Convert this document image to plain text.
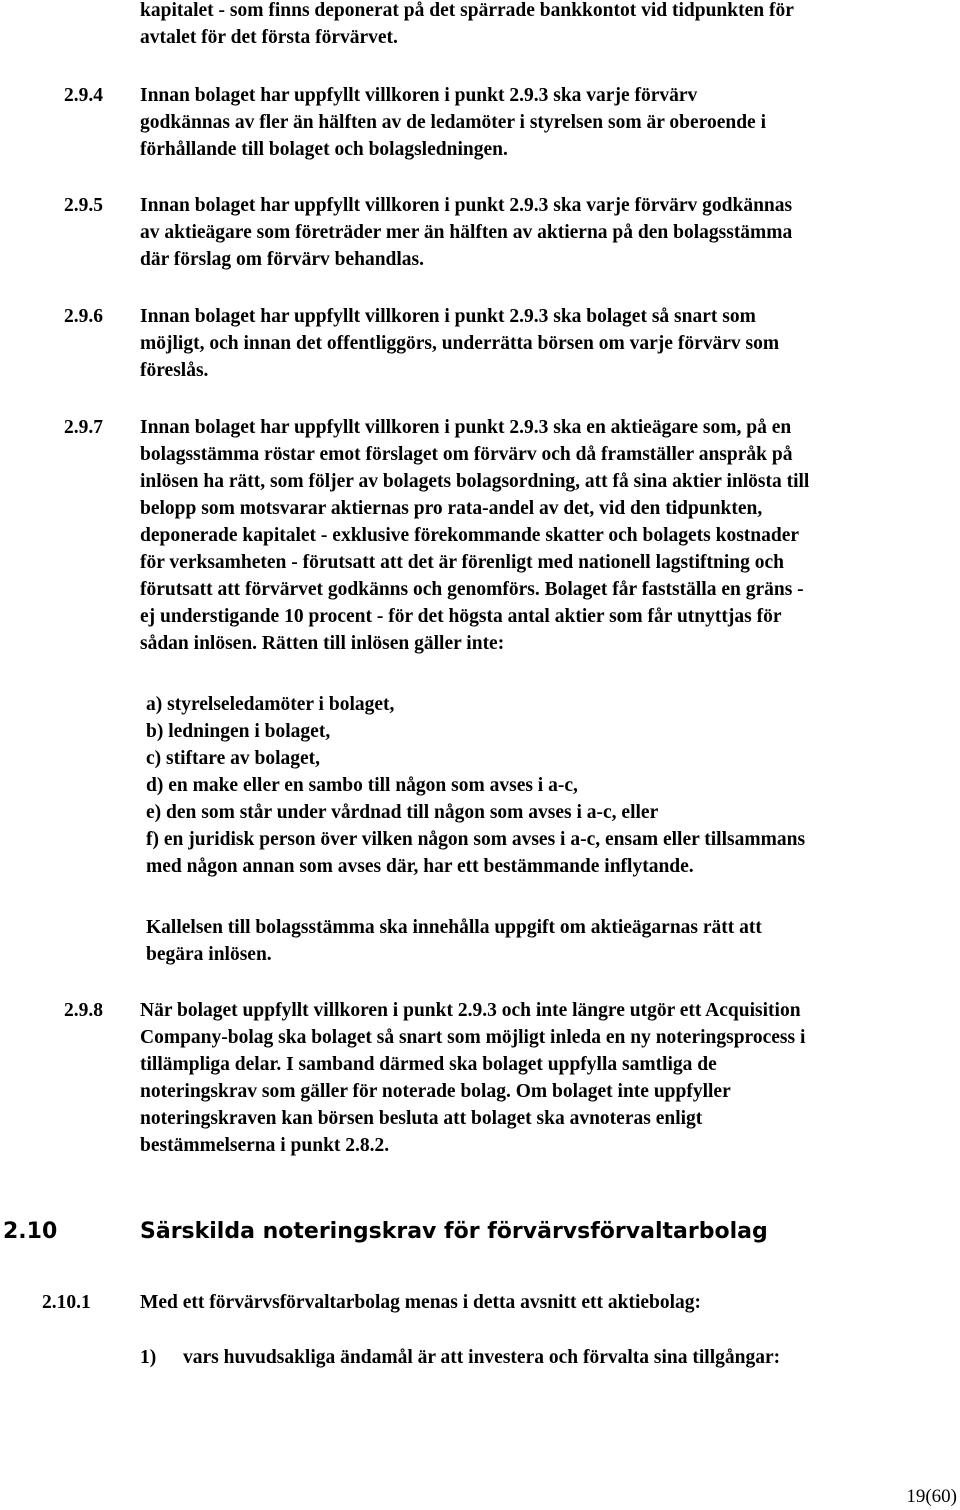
kapitalet - som finns deponerat på det spärrade bankkontot vid tidpunkten för
avtalet för det första förvärvet.
2.9.4 Innan bolaget har uppfyllt villkoren i punkt 2.9.3 ska varje förvärv
godkännas av fler än hälften av de ledamöter i styrelsen som är oberoende i
förhållande till bolaget och bolagsledningen.
2.9.5 Innan bolaget har uppfyllt villkoren i punkt 2.9.3 ska varje förvärv godkännas
av aktieägare som företräder mer än hälften av aktierna på den bolagsstämma
där förslag om förvärv behandlas.
2.9.6 Innan bolaget har uppfyllt villkoren i punkt 2.9.3 ska bolaget så snart som
möjligt, och innan det offentliggörs, underrätta börsen om varje förvärv som
föreslås.
2.9.7 Innan bolaget har uppfyllt villkoren i punkt 2.9.3 ska en aktieägare som, på en
bolagsstämma röstar emot förslaget om förvärv och då framställer anspråk på
inlösen ha rätt, som följer av bolagets bolagsordning, att få sina aktier inlösta till
belopp som motsvarar aktiernas pro rata-andel av det, vid den tidpunkten,
deponerade kapitalet - exklusive förekommande skatter och bolagets kostnader
för verksamheten - förutsatt att det är förenligt med nationell lagstiftning och
förutsatt att förvärvet godkänns och genomförs. Bolaget får fastställa en gräns -
ej understigande 10 procent - för det högsta antal aktier som får utnyttjas för
sådan inlösen. Rätten till inlösen gäller inte:
a) styrelseledamöter i bolaget,
b) ledningen i bolaget,
c) stiftare av bolaget,
d) en make eller en sambo till någon som avses i a-c,
e) den som står under vårdnad till någon som avses i a-c, eller
f) en juridisk person över vilken någon som avses i a-c, ensam eller tillsammans
med någon annan som avses där, har ett bestämmande inflytande.
Kallelsen till bolagsstämma ska innehålla uppgift om aktieägarnas rätt att
begära inlösen.
2.9.8 När bolaget uppfyllt villkoren i punkt 2.9.3 och inte längre utgör ett Acquisition
Company-bolag ska bolaget så snart som möjligt inleda en ny noteringsprocess i
tillämpliga delar. I samband därmed ska bolaget uppfylla samtliga de
noteringskrav som gäller för noterade bolag. Om bolaget inte uppfyller
noteringskraven kan börsen besluta att bolaget ska avnoteras enligt
bestämmelserna i punkt 2.8.2.
2.10	Särskilda noteringskrav för förvärvsförvaltarbolag
2.10.1	Med ett förvärvsförvaltarbolag menas i detta avsnitt ett aktiebolag:
1) vars huvudsakliga ändamål är att investera och förvalta sina tillgångar:
19(60)
